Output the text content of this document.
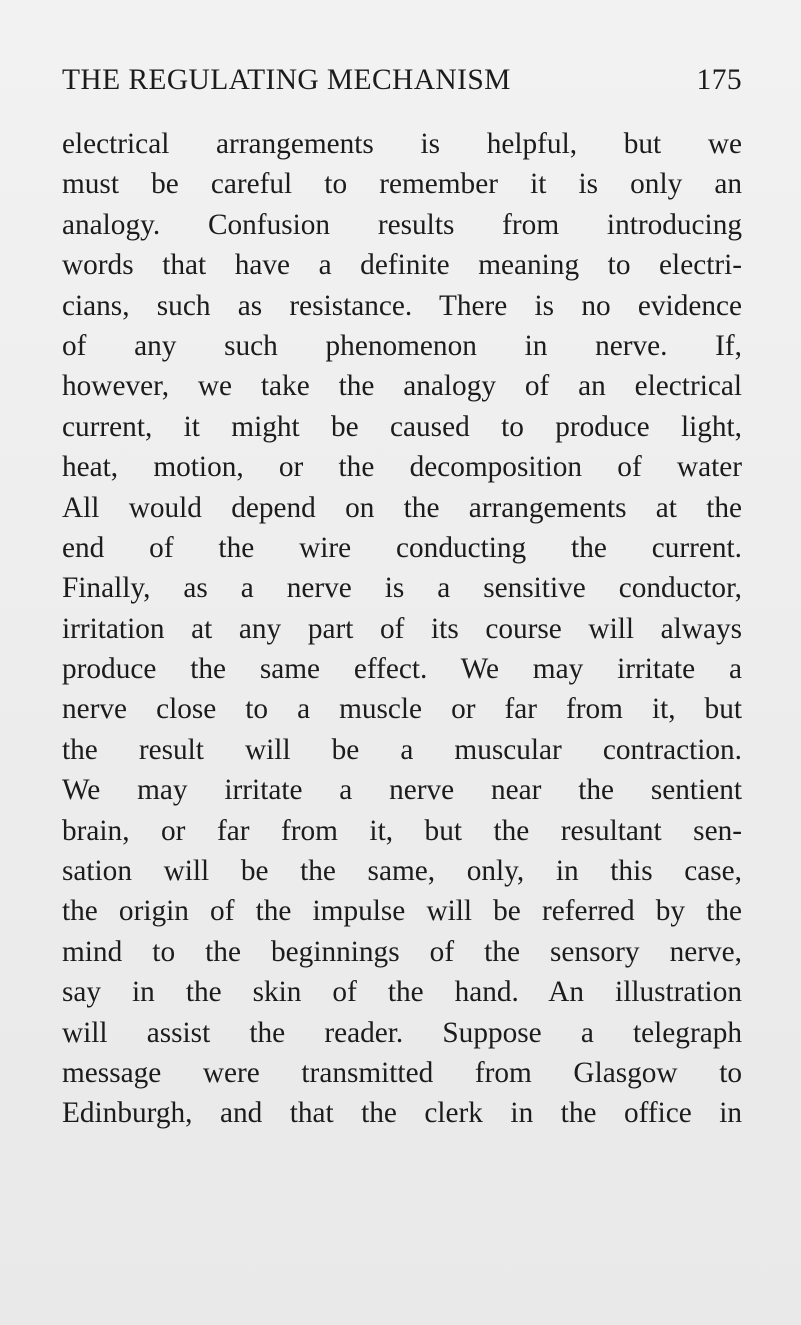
THE REGULATING MECHANISM	175
electrical arrangements is helpful, but we
must be careful to remember it is only an
analogy. Confusion results from introducing
words that have a definite meaning to electri-
cians, such as resistance. There is no evidence
of any such phenomenon in nerve. If,
however, we take the analogy of an electrical
current, it might be caused to produce light,
heat, motion, or the decomposition of water
All would depend on the arrangements at the
end of the wire conducting the current.
Finally, as a nerve is a sensitive conductor,
irritation at any part of its course will always
produce the same effect. We may irritate a
nerve close to a muscle or far from it, but
the result will be a muscular contraction.
We may irritate a nerve near the sentient
brain, or far from it, but the resultant sen-
sation will be the same, only, in this case,
the origin of the impulse will be referred by the
mind to the beginnings of the sensory nerve,
say in the skin of the hand. An illustration
will assist the reader. Suppose a telegraph
message were transmitted from Glasgow to
Edinburgh, and that the clerk in the office in
